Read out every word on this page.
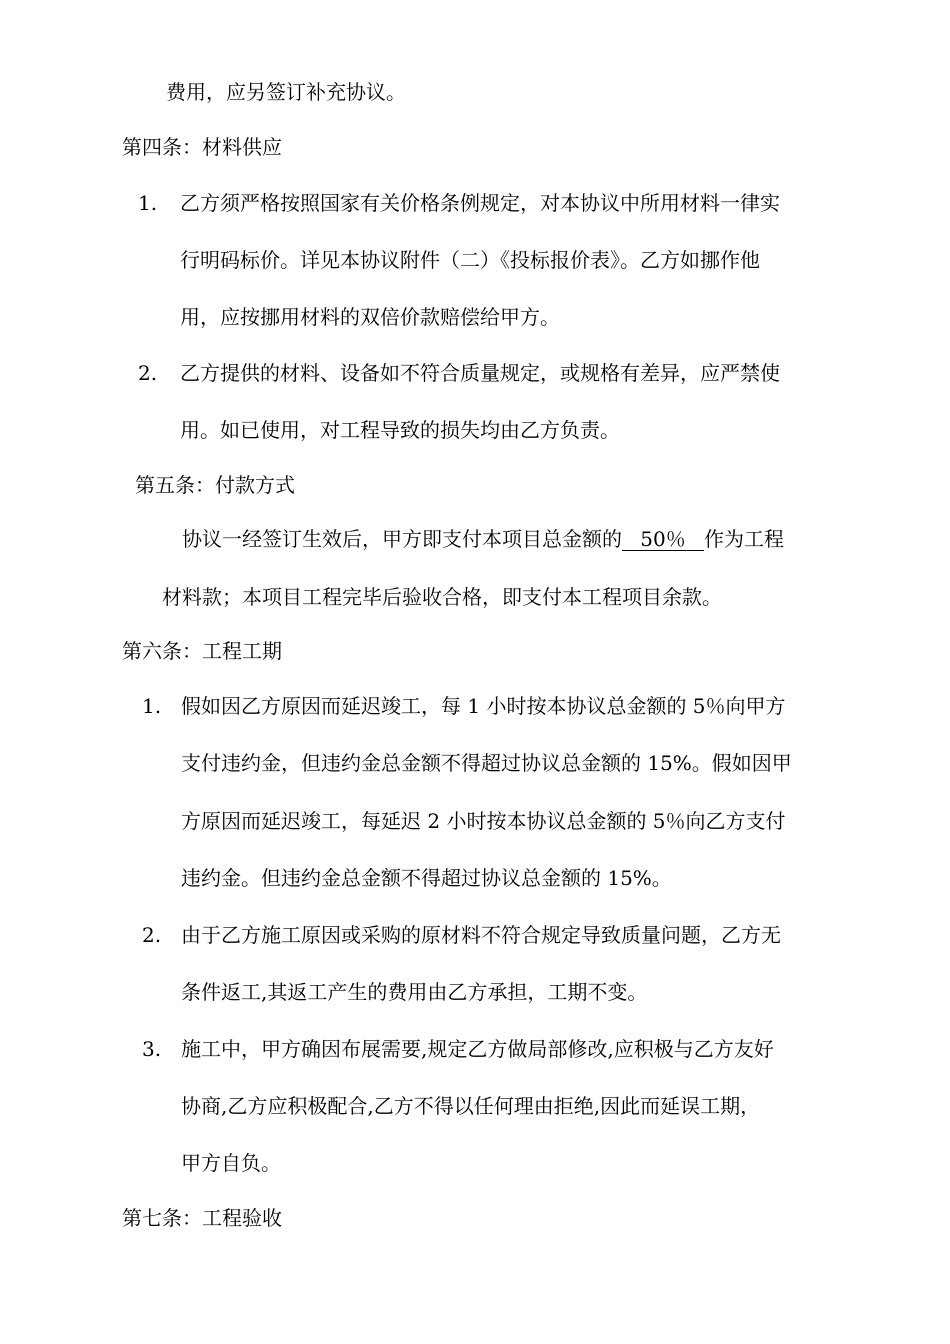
费用，应另签订补充协议。
第四条：材料供应
1. 乙方须严格按照国家有关价格条例规定，对本协议中所用材料一律实
行明码标价。详见本协议附件（二）《投标报价表》。乙方如挪作他
用，应按挪用材料的双倍价款赔偿给甲方。
2. 乙方提供的材料、设备如不符合质量规定，或规格有差异，应严禁使
用。如已使用，对工程导致的损失均由乙方负责。
第五条：付款方式
协议一经签订生效后，甲方即支付本项目总金额的 50％ 作为工程
材料款；本项目工程完毕后验收合格，即支付本工程项目余款。
第六条：工程工期
1. 假如因乙方原因而延迟竣工，每 1 小时按本协议总金额的 5％向甲方
支付违约金，但违约金总金额不得超过协议总金额的 15%。假如因甲
方原因而延迟竣工，每延迟 2 小时按本协议总金额的 5％向乙方支付
违约金。但违约金总金额不得超过协议总金额的 15%。
2. 由于乙方施工原因或采购的原材料不符合规定导致质量问题，乙方无
条件返工,其返工产生的费用由乙方承担，工期不变。
3. 施工中，甲方确因布展需要,规定乙方做局部修改,应积极与乙方友好
协商,乙方应积极配合,乙方不得以任何理由拒绝,因此而延误工期，
甲方自负。
第七条：工程验收
